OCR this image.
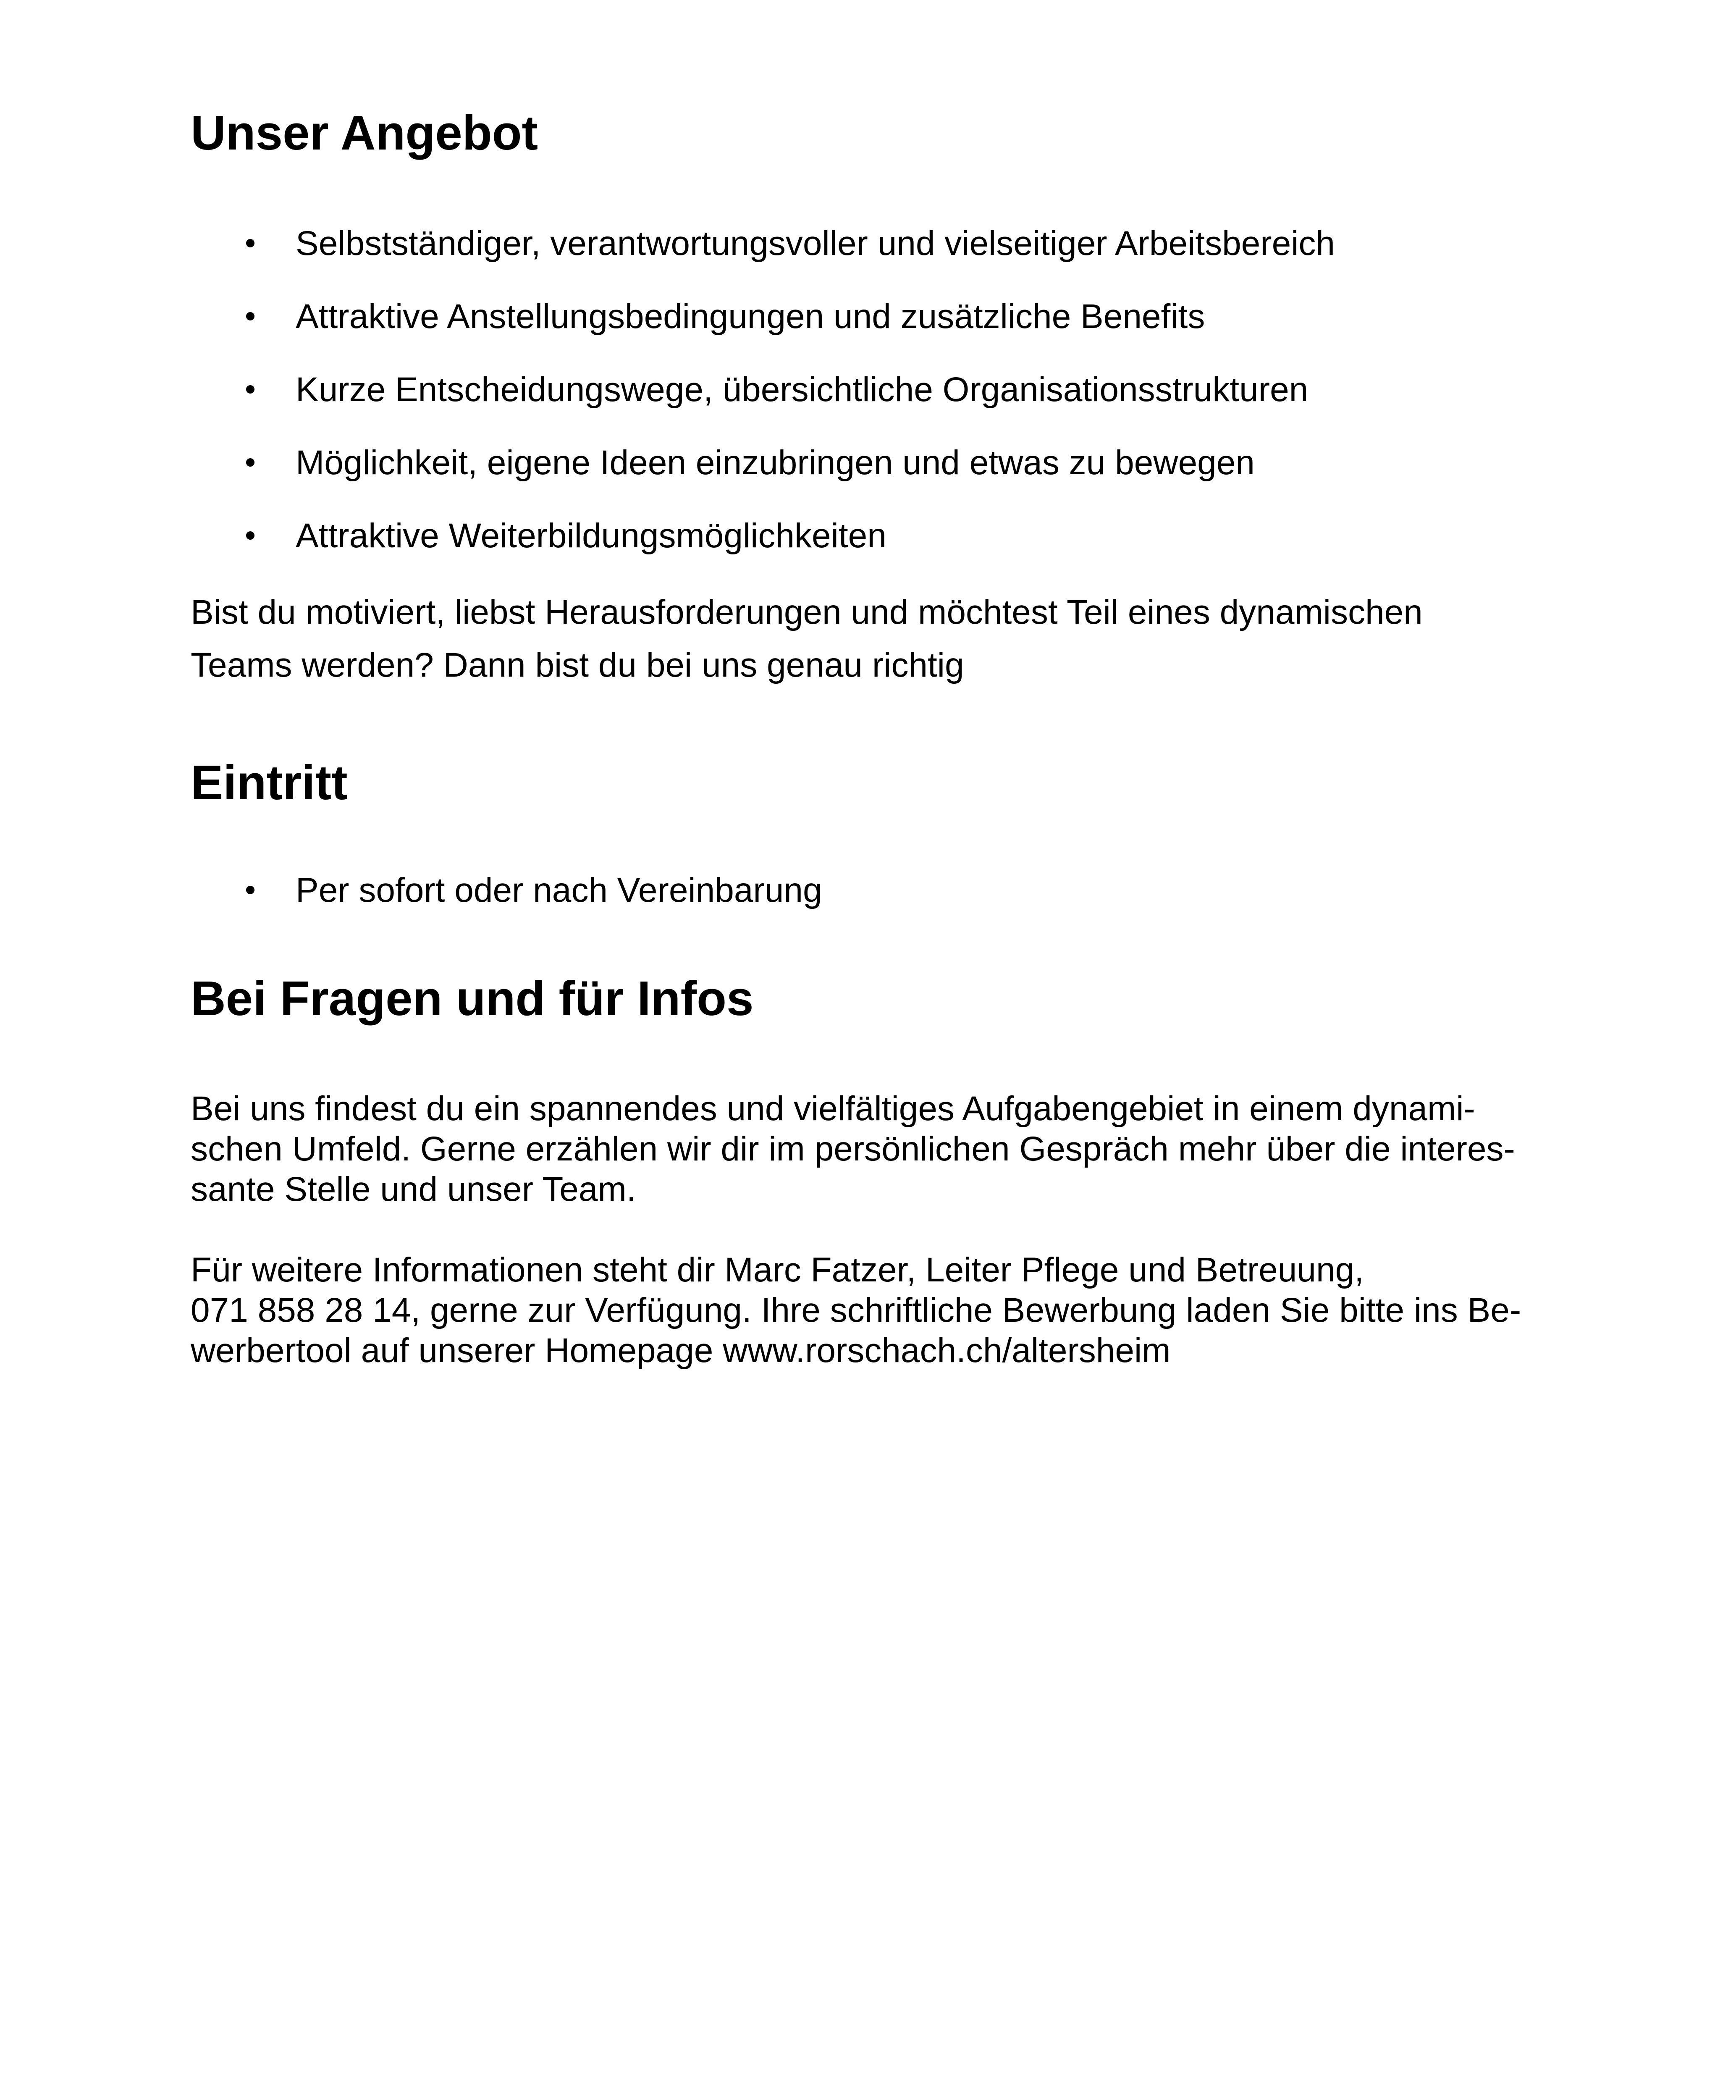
Unser Angebot
Selbstständiger, verantwortungsvoller und vielseitiger Arbeitsbereich
Attraktive Anstellungsbedingungen und zusätzliche Benefits
Kurze Entscheidungswege, übersichtliche Organisationsstrukturen
Möglichkeit, eigene Ideen einzubringen und etwas zu bewegen
Attraktive Weiterbildungsmöglichkeiten

Bist du motiviert, liebst Herausforderungen und möchtest Teil eines dynamischen
Teams werden? Dann bist du bei uns genau richtig

Eintritt
Per sofort oder nach Vereinbarung
Bei Fragen und für Infos

Bei uns findest du ein spannendes und vielfältiges Aufgabengebiet in einem dynami-
schen Umfeld. Gerne erzählen wir dir im persönlichen Gespräch mehr über die interes-
sante Stelle und unser Team.

Für weitere Informationen steht dir Marc Fatzer, Leiter Pflege und Betreuung,
071 858 28 14, gerne zur Verfügung. Ihre schriftliche Bewerbung laden Sie bitte ins Be-
werbertool auf unserer Homepage www.rorschach.ch/altersheim
